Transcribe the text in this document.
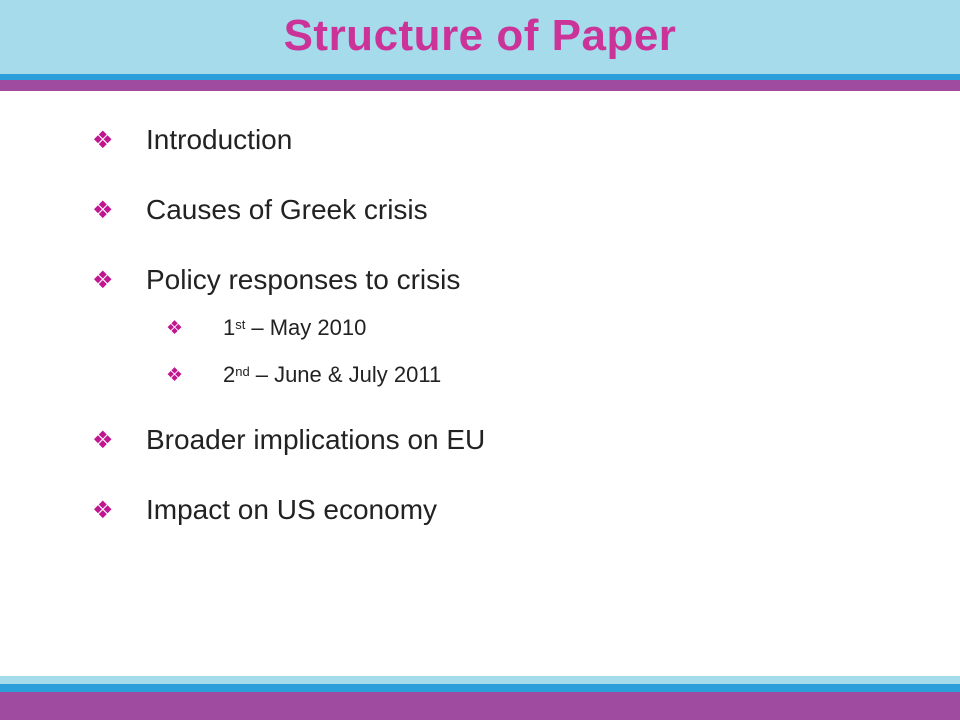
Structure of Paper
❖	Introduction
❖	Causes of Greek crisis
❖	Policy responses to crisis
❖	1st – May 2010
❖	2nd – June & July 2011
❖	Broader implications on EU
❖	Impact on US economy
